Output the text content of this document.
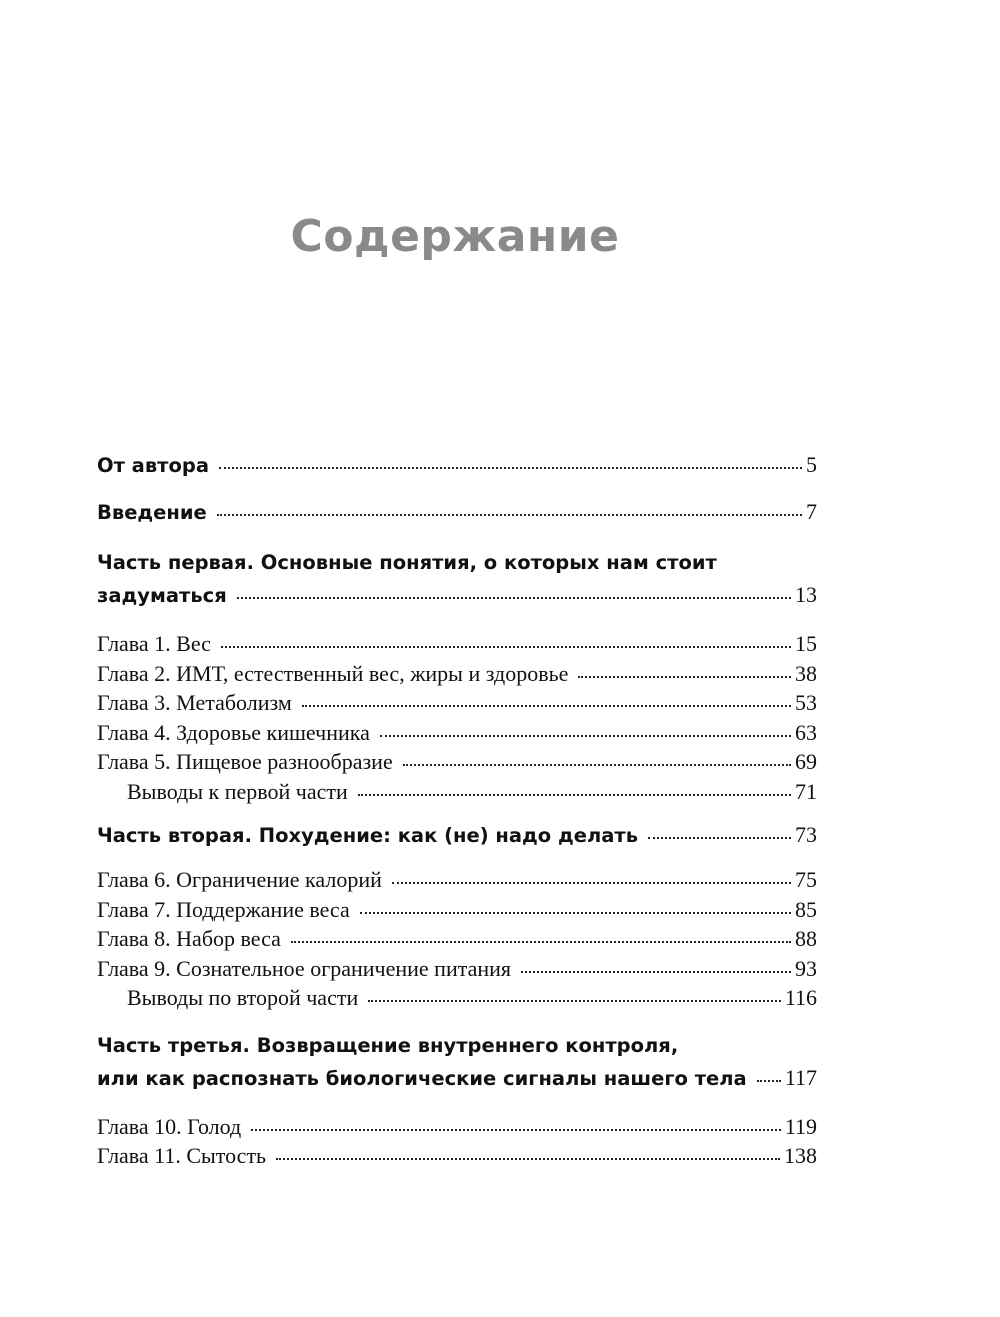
Содержание
От автора	5
Введение	7
Часть первая. Основные понятия, о которых нам стоит
задуматься	13
Глава 1. Вес	15
Глава 2. ИМТ, естественный вес, жиры и здоровье	38
Глава 3. Метаболизм	53
Глава 4. Здоровье кишечника	63
Глава 5. Пищевое разнообразие	69
Выводы к первой части	71
Часть вторая. Похудение: как (не) надо делать	73
Глава 6. Ограничение калорий	75
Глава 7. Поддержание веса	85
Глава 8. Набор веса	88
Глава 9. Сознательное ограничение питания	93
Выводы по второй части	116
Часть третья. Возвращение внутреннего контроля,
или как распознать биологические сигналы нашего тела 117
Глава 10. Голод	119
Глава 11. Сытость	138
